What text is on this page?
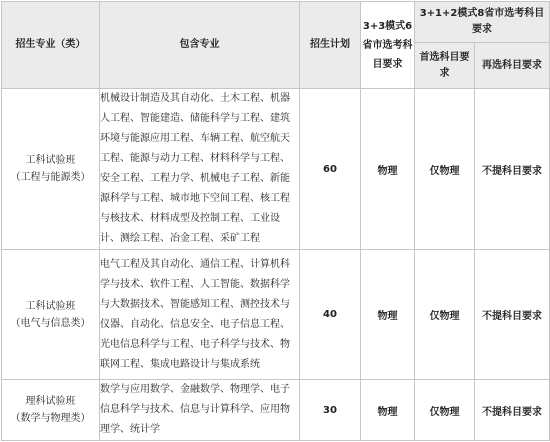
招生专业（类）	包含专业	招生计划	3+3模式6省市选考科目要求	3+1+2模式8省市选考科目要求	
				首选科目要求	再选科目要求

工科试验班
（工程与能源类）	机械设计制造及其自动化、土木工程、机器人工程、智能建造、储能科学与工程、建筑环境与能源应用工程、车辆工程、航空航天工程、能源与动力工程、材料科学与工程、安全工程、工程力学、机械电子工程、新能源科学与工程、城市地下空间工程、核工程与核技术、材料成型及控制工程、工业设计、测绘工程、冶金工程、采矿工程	60	物理	仅物理	不提科目要求

工科试验班
（电气与信息类）	电气工程及其自动化、通信工程、计算机科学与技术、软件工程、人工智能、数据科学与大数据技术、智能感知工程、测控技术与仪器、自动化、信息安全、电子信息工程、光电信息科学与工程、电子科学与技术、物联网工程、集成电路设计与集成系统	40	物理	仅物理	不提科目要求

理科试验班
（数学与物理类）	数学与应用数学、金融数学、物理学、电子信息科学与技术、信息与计算科学、应用物理学、统计学	30	物理	仅物理	不提科目要求
